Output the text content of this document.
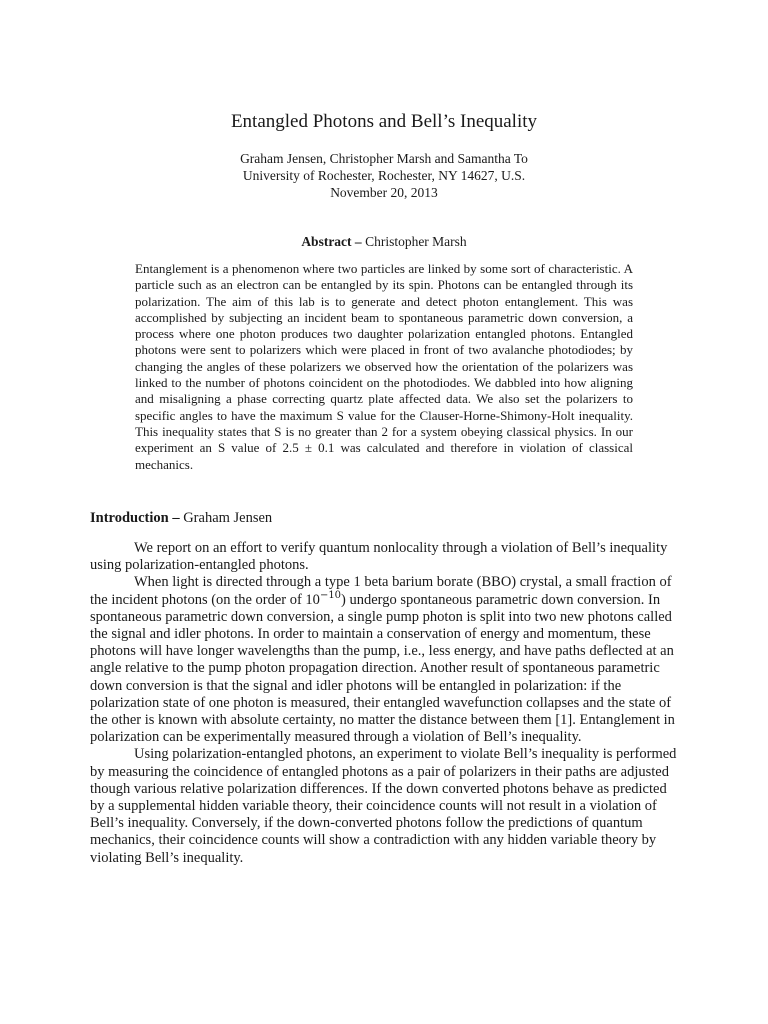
Entangled Photons and Bell’s Inequality
Graham Jensen, Christopher Marsh and Samantha To
University of Rochester, Rochester, NY 14627, U.S.
November 20, 2013
Abstract – Christopher Marsh

Entanglement is a phenomenon where two particles are linked by some sort of characteristic. A particle such as an electron can be entangled by its spin. Photons can be entangled through its polarization. The aim of this lab is to generate and detect photon entanglement. This was accomplished by subjecting an incident beam to spontaneous parametric down conversion, a process where one photon produces two daughter polarization entangled photons. Entangled photons were sent to polarizers which were placed in front of two avalanche photodiodes; by changing the angles of these polarizers we observed how the orientation of the polarizers was linked to the number of photons coincident on the photodiodes. We dabbled into how aligning and misaligning a phase correcting quartz plate affected data. We also set the polarizers to specific angles to have the maximum S value for the Clauser-Horne-Shimony-Holt inequality. This inequality states that S is no greater than 2 for a system obeying classical physics. In our experiment an S value of 2.5 ± 0.1 was calculated and therefore in violation of classical mechanics.

Introduction – Graham Jensen

We report on an effort to verify quantum nonlocality through a violation of Bell’s inequality using polarization-entangled photons.

When light is directed through a type 1 beta barium borate (BBO) crystal, a small fraction of the incident photons (on the order of $10^{-10}$) undergo spontaneous parametric down conversion. In spontaneous parametric down conversion, a single pump photon is split into two new photons called the signal and idler photons. In order to maintain a conservation of energy and momentum, these photons will have longer wavelengths than the pump, i.e., less energy, and have paths deflected at an angle relative to the pump photon propagation direction. Another result of spontaneous parametric down conversion is that the signal and idler photons will be entangled in polarization: if the polarization state of one photon is measured, their entangled wavefunction collapses and the state of the other is known with absolute certainty, no matter the distance between them [1]. Entanglement in polarization can be experimentally measured through a violation of Bell’s inequality.

Using polarization-entangled photons, an experiment to violate Bell’s inequality is performed by measuring the coincidence of entangled photons as a pair of polarizers in their paths are adjusted though various relative polarization differences. If the down converted photons behave as predicted by a supplemental hidden variable theory, their coincidence counts will not result in a violation of Bell’s inequality. Conversely, if the down-converted photons follow the predictions of quantum mechanics, their coincidence counts will show a contradiction with any hidden variable theory by violating Bell’s inequality.
